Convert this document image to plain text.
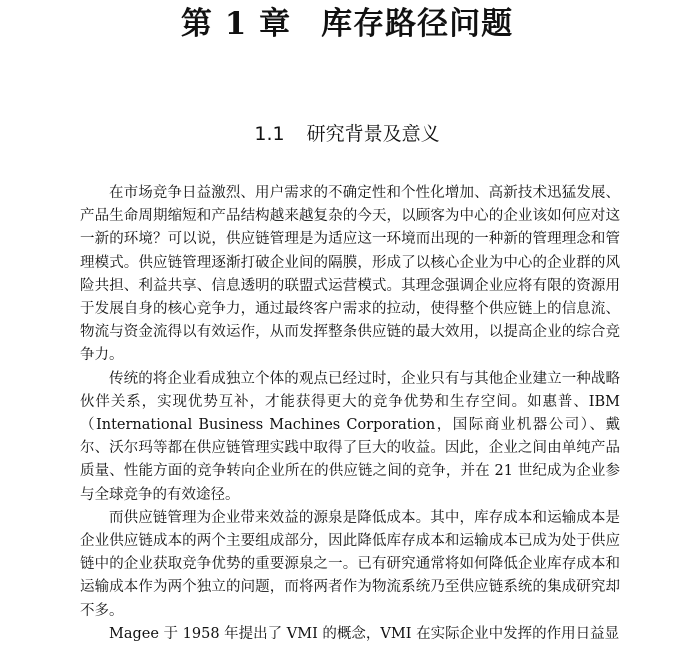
第 1 章 库存路径问题
1.1 研究背景及意义

在市场竞争日益激烈、用户需求的不确定性和个性化增加、高新技术迅猛发展、产品生命周期缩短和产品结构越来越复杂的今天，以顾客为中心的企业该如何应对这一新的环境？可以说，供应链管理是为适应这一环境而出现的一种新的管理理念和管理模式。供应链管理逐渐打破企业间的隔膜，形成了以核心企业为中心的企业群的风险共担、利益共享、信息透明的联盟式运营模式。其理念强调企业应将有限的资源用于发展自身的核心竞争力，通过最终客户需求的拉动，使得整个供应链上的信息流、物流与资金流得以有效运作，从而发挥整条供应链的最大效用，以提高企业的综合竞争力。

传统的将企业看成独立个体的观点已经过时，企业只有与其他企业建立一种战略伙伴关系，实现优势互补，才能获得更大的竞争优势和生存空间。如惠普、IBM（International Business Machines Corporation，国际商业机器公司）、戴尔、沃尔玛等都在供应链管理实践中取得了巨大的收益。因此，企业之间由单纯产品质量、性能方面的竞争转向企业所在的供应链之间的竞争，并在 21 世纪成为企业参与全球竞争的有效途径。

而供应链管理为企业带来效益的源泉是降低成本。其中，库存成本和运输成本是企业供应链成本的两个主要组成部分，因此降低库存成本和运输成本已成为处于供应链中的企业获取竞争优势的重要源泉之一。已有研究通常将如何降低企业库存成本和运输成本作为两个独立的问题，而将两者作为物流系统乃至供应链系统的集成研究却不多。

Magee 于 1958 年提出了 VMI 的概念，VMI 在实际企业中发挥的作用日益显
